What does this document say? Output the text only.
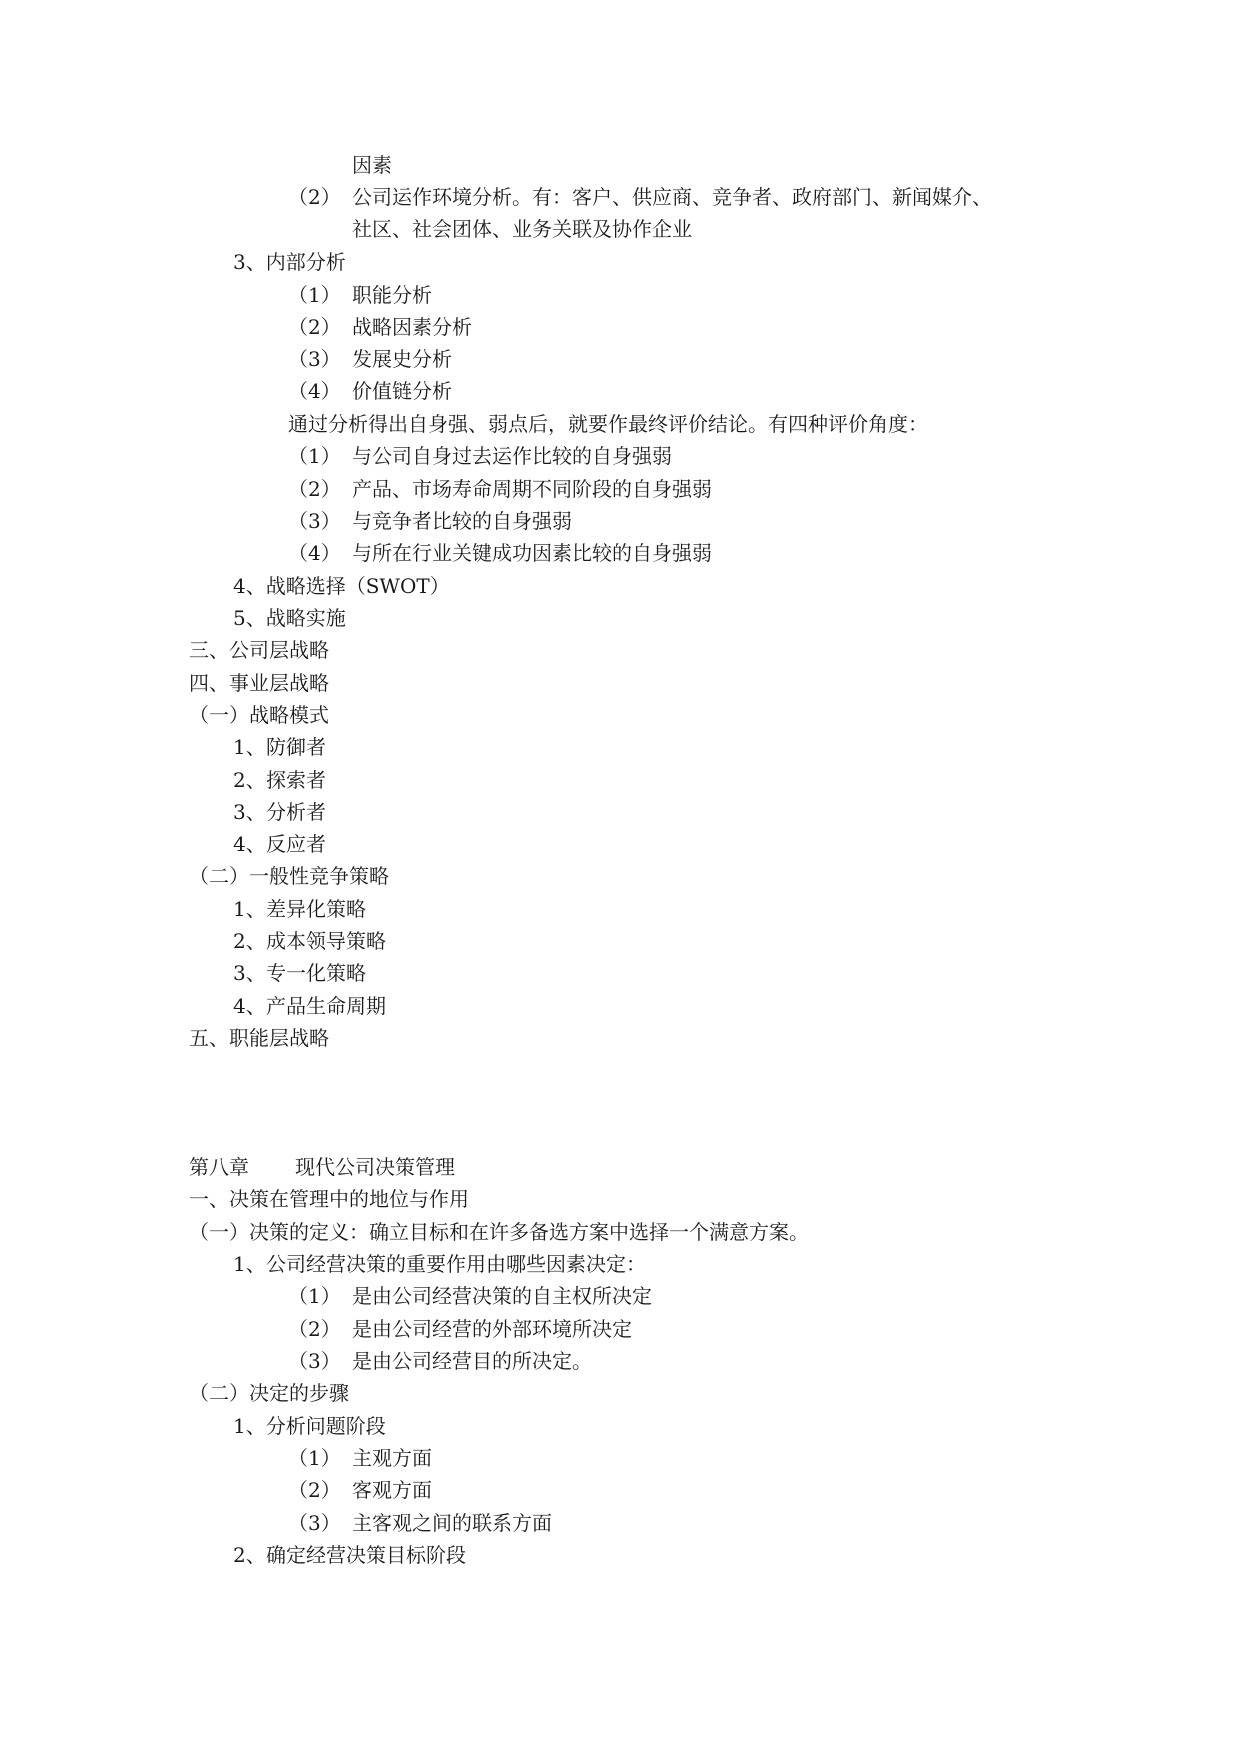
因素
（2） 公司运作环境分析。有：客户、供应商、竞争者、政府部门、新闻媒介、
社区、社会团体、业务关联及协作企业
3、内部分析
（1） 职能分析
（2） 战略因素分析
（3） 发展史分析
（4） 价值链分析
通过分析得出自身强、弱点后，就要作最终评价结论。有四种评价角度：
（1） 与公司自身过去运作比较的自身强弱
（2） 产品、市场寿命周期不同阶段的自身强弱
（3） 与竞争者比较的自身强弱
（4） 与所在行业关键成功因素比较的自身强弱
4、战略选择（SWOT）
5、战略实施
三、公司层战略
四、事业层战略
（一）战略模式
1、 防御者
2、 探索者
3、 分析者
4、 反应者
（二）一般性竞争策略
1、 差异化策略
2、 成本领导策略
3、 专一化策略
4、 产品生命周期
五、职能层战略
第八章 现代公司决策管理
一、决策在管理中的地位与作用
（一）决策的定义：确立目标和在许多备选方案中选择一个满意方案。
1、 公司经营决策的重要作用由哪些因素决定：
（1） 是由公司经营决策的自主权所决定
（2） 是由公司经营的外部环境所决定
（3） 是由公司经营目的所决定。
（二）决定的步骤
1、分析问题阶段
（1） 主观方面
（2） 客观方面
（3） 主客观之间的联系方面
2、 确定经营决策目标阶段
